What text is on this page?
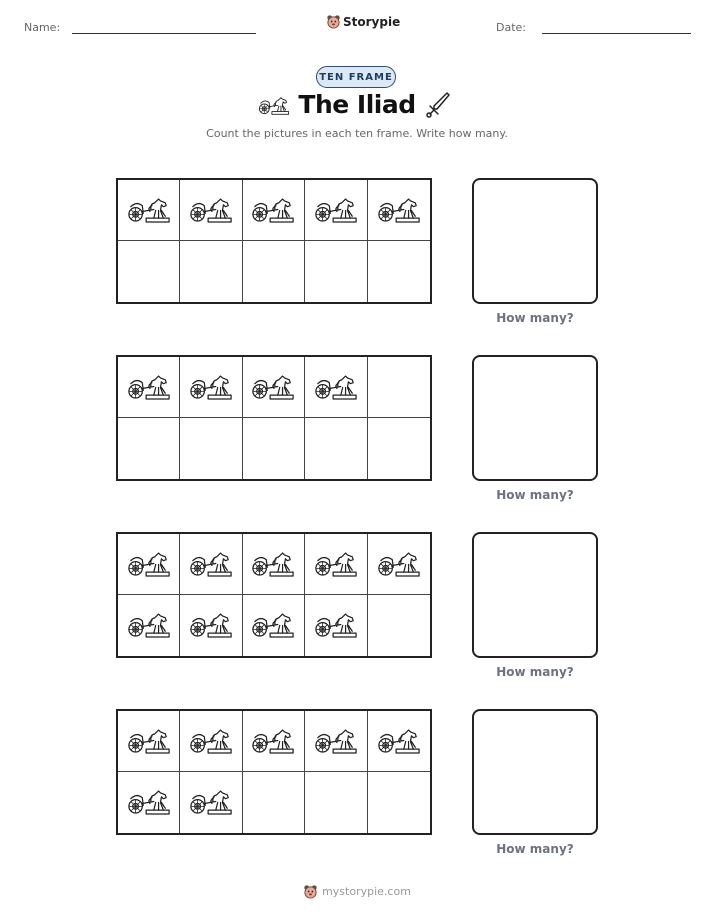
Name:	Storypie	Date:
TEN FRAME
The Iliad
Count the pictures in each ten frame. Write how many.
How many?
How many?
How many?
How many?
mystorypie.com
